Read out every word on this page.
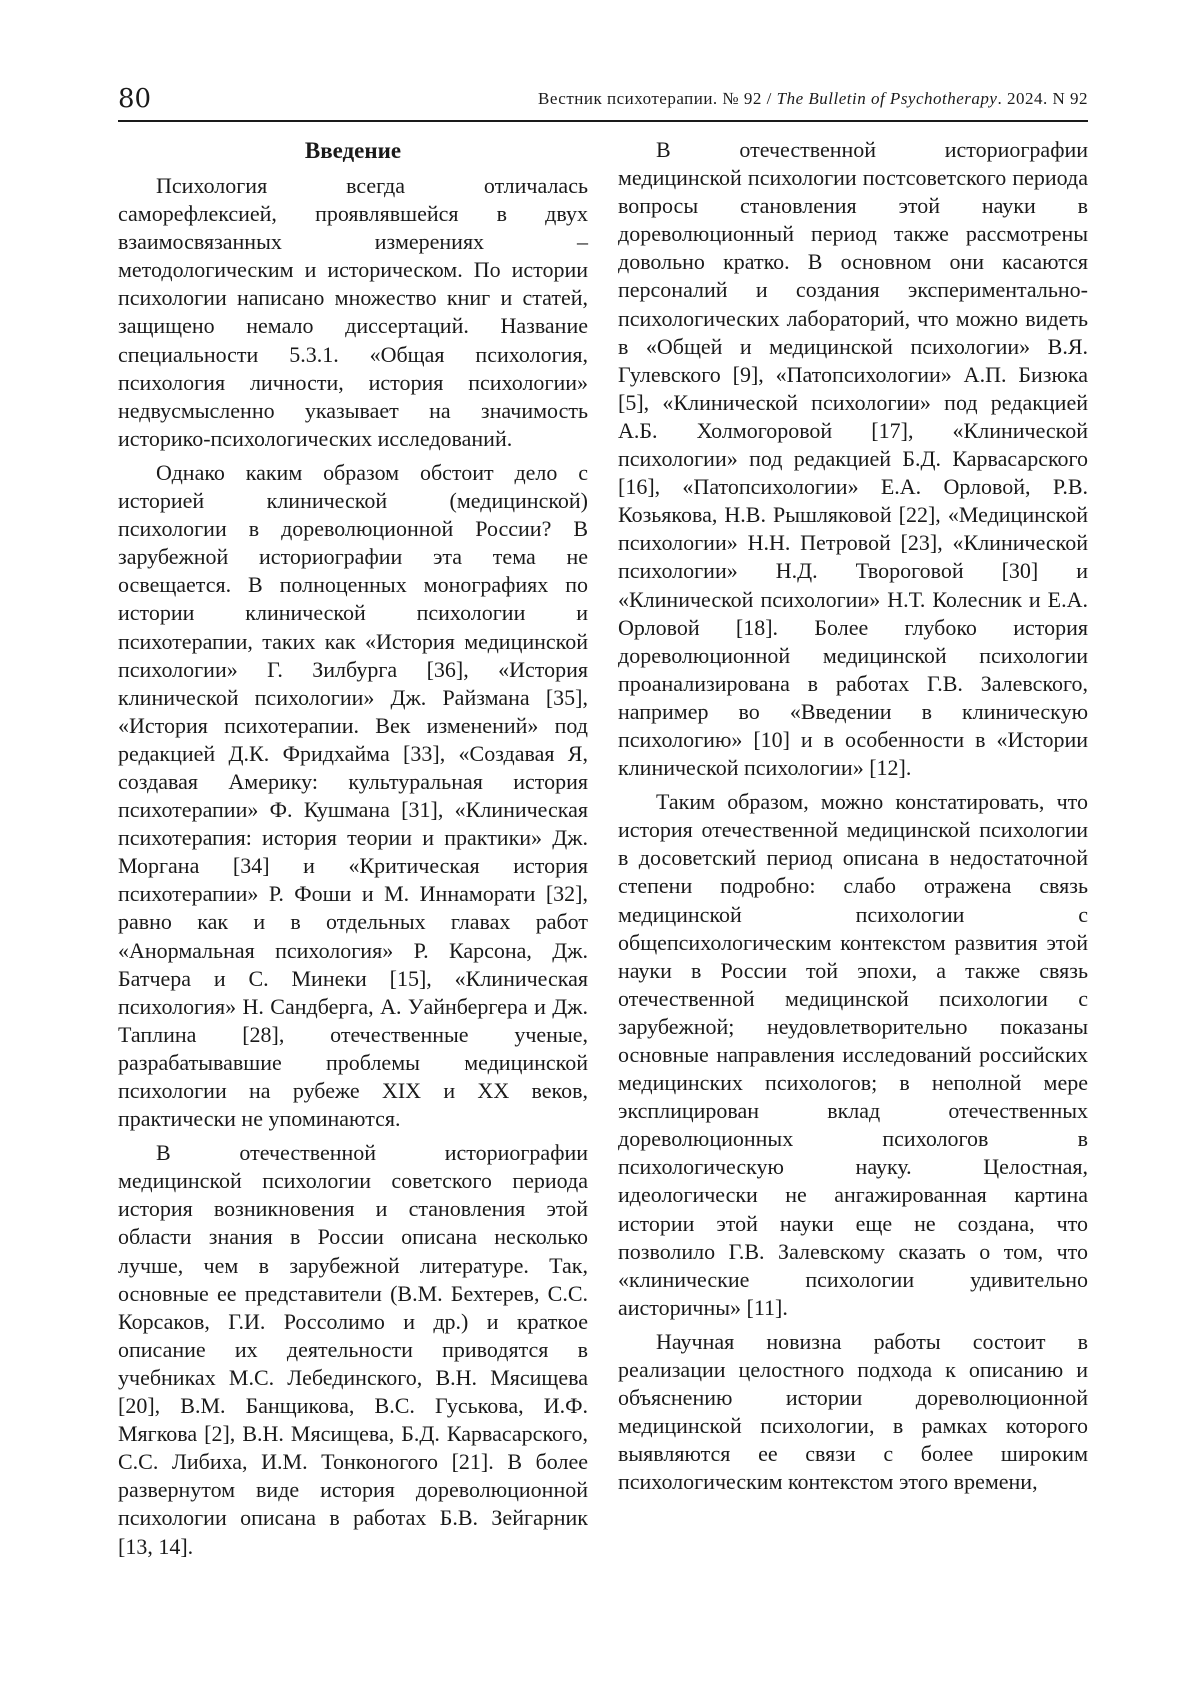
80	Вестник психотерапии. № 92 / The Bulletin of Psychotherapy. 2024. N 92
Введение

Психология всегда отличалась саморефлексией, проявлявшейся в двух взаимосвязанных измерениях – методологическим и историческом. По истории психологии написано множество книг и статей, защищено немало диссертаций. Название специальности 5.3.1. «Общая психология, психология личности, история психологии» недвусмысленно указывает на значимость историко-психологических исследований.

Однако каким образом обстоит дело с историей клинической (медицинской) психологии в дореволюционной России? В зарубежной историографии эта тема не освещается. В полноценных монографиях по истории клинической психологии и психотерапии, таких как «История медицинской психологии» Г. Зилбурга [36], «История клинической психологии» Дж. Райзмана [35], «История психотерапии. Век изменений» под редакцией Д.К. Фридхайма [33], «Создавая Я, создавая Америку: культуральная история психотерапии» Ф. Кушмана [31], «Клиническая психотерапия: история теории и практики» Дж. Моргана [34] и «Критическая история психотерапии» Р. Фоши и М. Иннаморати [32], равно как и в отдельных главах работ «Анормальная психология» Р. Карсона, Дж. Батчера и С. Минеки [15], «Клиническая психология» Н. Сандберга, А. Уайнбергера и Дж. Таплина [28], отечественные ученые, разрабатывавшие проблемы медицинской психологии на рубеже XIX и XX веков, практически не упоминаются.

В отечественной историографии медицинской психологии советского периода история возникновения и становления этой области знания в России описана несколько лучше, чем в зарубежной литературе. Так, основные ее представители (В.М. Бехтерев, С.С. Корсаков, Г.И. Россолимо и др.) и краткое описание их деятельности приводятся в учебниках М.С. Лебединского, В.Н. Мясищева [20], В.М. Банщикова, В.С. Гуськова, И.Ф. Мягкова [2], В.Н. Мясищева, Б.Д. Карвасарского, С.С. Либиха, И.М. Тонконогого [21]. В более развернутом виде история дореволюционной психологии описана в работах Б.В. Зейгарник [13, 14].

В отечественной историографии медицинской психологии постсоветского периода вопросы становления этой науки в дореволюционный период также рассмотрены довольно кратко. В основном они касаются персоналий и создания экспериментально-психологических лабораторий, что можно видеть в «Общей и медицинской психологии» В.Я. Гулевского [9], «Патопсихологии» А.П. Бизюка [5], «Клинической психологии» под редакцией А.Б. Холмогоровой [17], «Клинической психологии» под редакцией Б.Д. Карвасарского [16], «Патопсихологии» Е.А. Орловой, Р.В. Козьякова, Н.В. Рышляковой [22], «Медицинской психологии» Н.Н. Петровой [23], «Клинической психологии» Н.Д. Твороговой [30] и «Клинической психологии» Н.Т. Колесник и Е.А. Орловой [18]. Более глубоко история дореволюционной медицинской психологии проанализирована в работах Г.В. Залевского, например во «Введении в клиническую психологию» [10] и в особенности в «Истории клинической психологии» [12].

Таким образом, можно констатировать, что история отечественной медицинской психологии в досоветский период описана в недостаточной степени подробно: слабо отражена связь медицинской психологии с общепсихологическим контекстом развития этой науки в России той эпохи, а также связь отечественной медицинской психологии с зарубежной; неудовлетворительно показаны основные направления исследований российских медицинских психологов; в неполной мере эксплицирован вклад отечественных дореволюционных психологов в психологическую науку. Целостная, идеологически не ангажированная картина истории этой науки еще не создана, что позволило Г.В. Залевскому сказать о том, что «клинические психологии удивительно аисторичны» [11].

Научная новизна работы состоит в реализации целостного подхода к описанию и объяснению истории дореволюционной медицинской психологии, в рамках которого выявляются ее связи с более широким психологическим контекстом этого времени,
